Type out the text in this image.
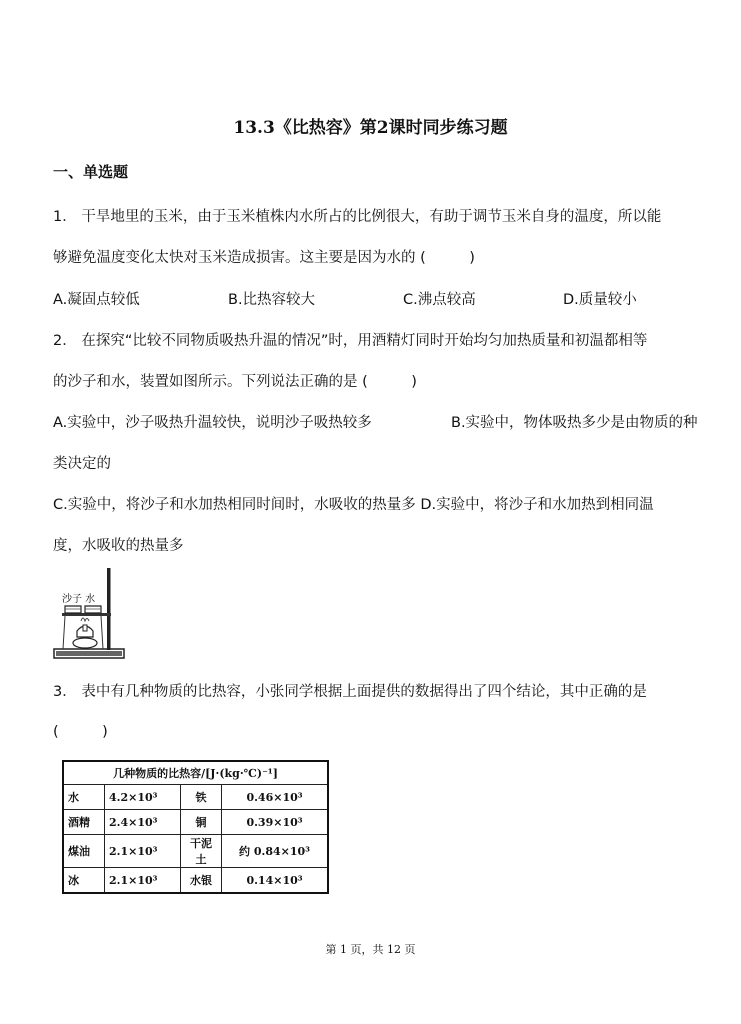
13.3《比热容》第2课时同步练习题
一、单选题
1． 干旱地里的玉米，由于玉米植株内水所占的比例很大，有助于调节玉米自身的温度，所以能
够避免温度变化太快对玉米造成损害。这主要是因为水的 (　　　)
A.凝固点较低	B.比热容较大	C.沸点较高	D.质量较小
2． 在探究“比较不同物质吸热升温的情况”时，用酒精灯同时开始均匀加热质量和初温都相等
的沙子和水，装置如图所示。下列说法正确的是 (　　　)
A.实验中，沙子吸热升温较快，说明沙子吸热较多	B.实验中，物体吸热多少是由物质的种
类决定的
C.实验中，将沙子和水加热相同时间时，水吸收的热量多 D.实验中，将沙子和水加热到相同温
度，水吸收的热量多
沙子 水
3． 表中有几种物质的比热容，小张同学根据上面提供的数据得出了四个结论，其中正确的是
(　　　)
几种物质的比热容/[J·(kg·℃)⁻¹]			
水	4.2×10³	铁	0.46×10³
酒精	2.4×10³	铜	0.39×10³
煤油	2.1×10³	干泥土	约 0.84×10³
冰	2.1×10³	水银	0.14×10³
第 1 页，共 12 页
